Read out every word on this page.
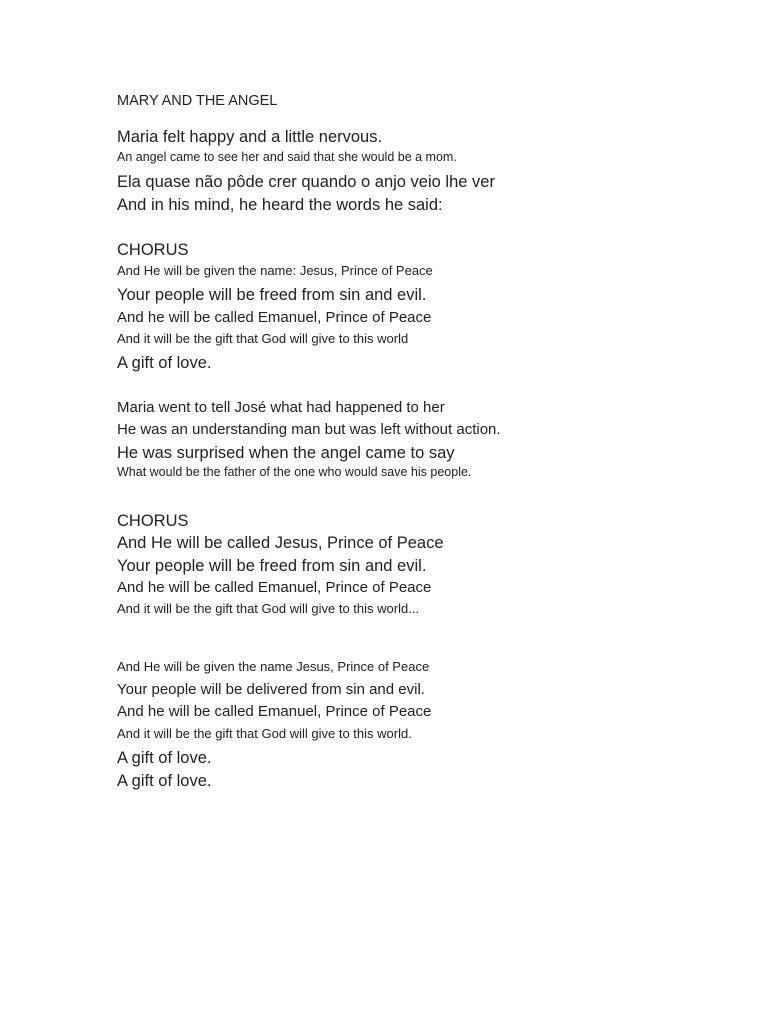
MARY AND THE ANGEL
Maria felt happy and a little nervous.
An angel came to see her and said that she would be a mom.
Ela quase não pôde crer quando o anjo veio lhe ver
And in his mind, he heard the words he said:
CHORUS
And He will be given the name: Jesus, Prince of Peace
Your people will be freed from sin and evil.
And he will be called Emanuel, Prince of Peace
And it will be the gift that God will give to this world
A gift of love.
Maria went to tell José what had happened to her
He was an understanding man but was left without action.
He was surprised when the angel came to say
What would be the father of the one who would save his people.
CHORUS
And He will be called Jesus, Prince of Peace
Your people will be freed from sin and evil.
And he will be called Emanuel, Prince of Peace
And it will be the gift that God will give to this world...
And He will be given the name Jesus, Prince of Peace
Your people will be delivered from sin and evil.
And he will be called Emanuel, Prince of Peace
And it will be the gift that God will give to this world.
A gift of love.
A gift of love.
